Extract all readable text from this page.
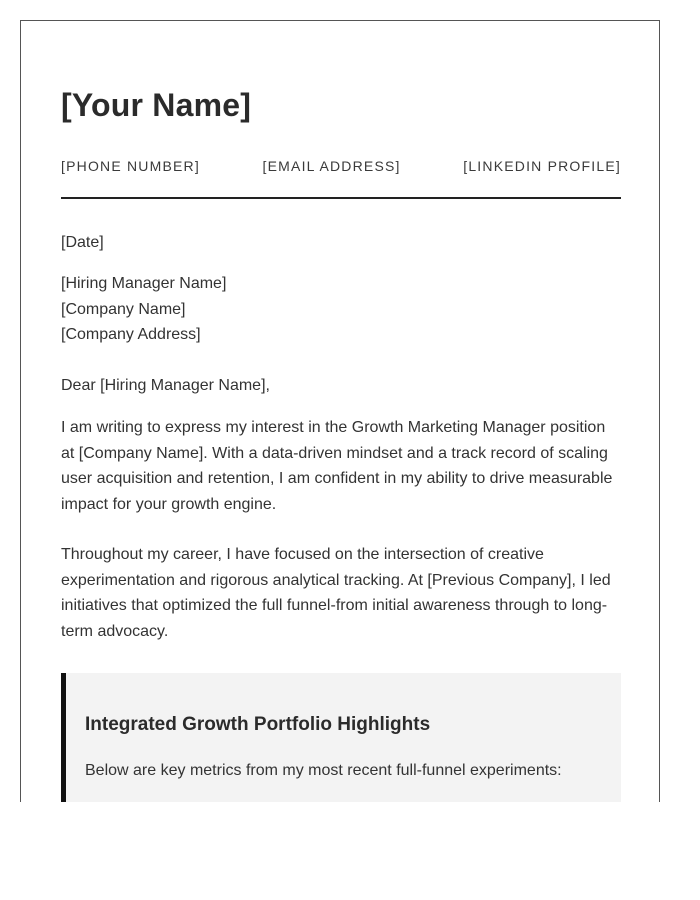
[Your Name]
[PHONE NUMBER]	[EMAIL ADDRESS]	[LINKEDIN PROFILE]

[Date]

[Hiring Manager Name]
[Company Name]
[Company Address]

Dear [Hiring Manager Name],

I am writing to express my interest in the Growth Marketing Manager position at [Company Name]. With a data-driven mindset and a track record of scaling user acquisition and retention, I am confident in my ability to drive measurable impact for your growth engine.

Throughout my career, I have focused on the intersection of creative experimentation and rigorous analytical tracking. At [Previous Company], I led initiatives that optimized the full funnel-from initial awareness through to long-term advocacy.

Integrated Growth Portfolio Highlights

Below are key metrics from my most recent full-funnel experiments:
